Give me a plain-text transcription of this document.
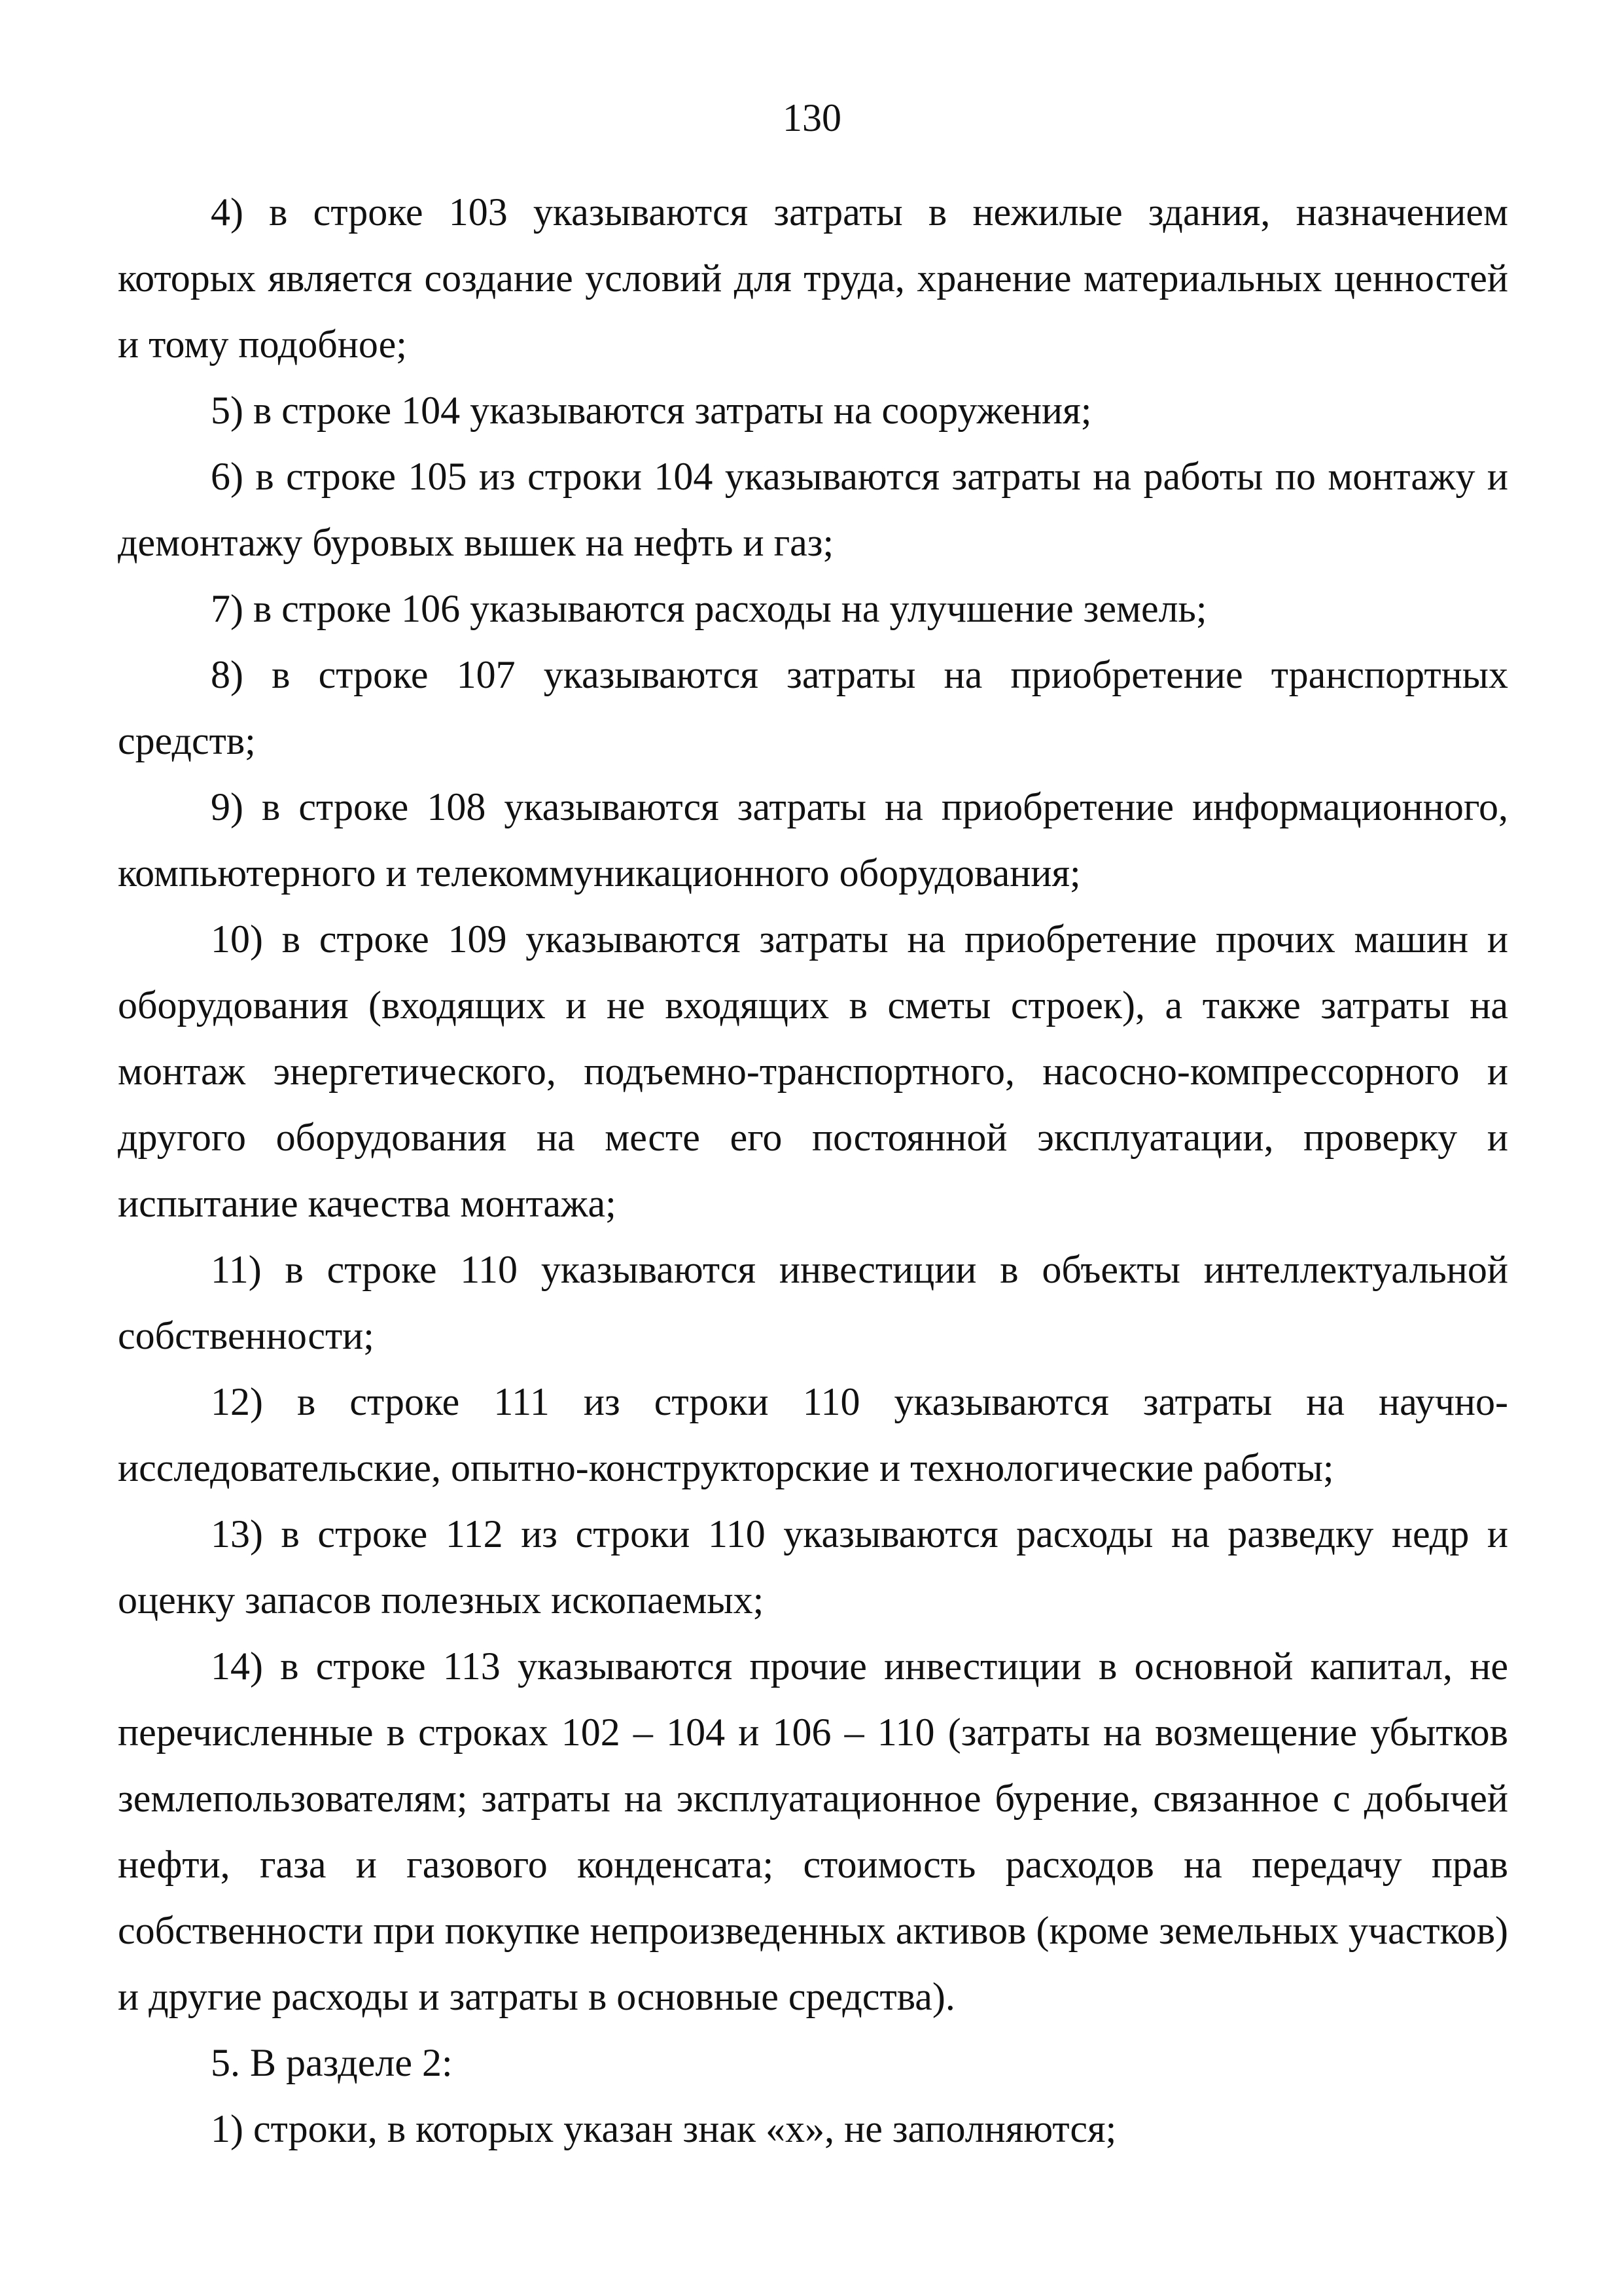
130

4) в строке 103 указываются затраты в нежилые здания, назначением которых является создание условий для труда, хранение материальных ценностей и тому подобное;

5) в строке 104 указываются затраты на сооружения;

6) в строке 105 из строки 104 указываются затраты на работы по монтажу и демонтажу буровых вышек на нефть и газ;

7) в строке 106 указываются расходы на улучшение земель;

8) в строке 107 указываются затраты на приобретение транспортных средств;

9) в строке 108 указываются затраты на приобретение информационного, компьютерного и телекоммуникационного оборудования;

10) в строке 109 указываются затраты на приобретение прочих машин и оборудования (входящих и не входящих в сметы строек), а также затраты на монтаж энергетического, подъемно-транспортного, насосно-компрессорного и другого оборудования на месте его постоянной эксплуатации, проверку и испытание качества монтажа;

11) в строке 110 указываются инвестиции в объекты интеллектуальной собственности;

12) в строке 111 из строки 110 указываются затраты на научно-исследовательские, опытно-конструкторские и технологические работы;

13) в строке 112 из строки 110 указываются расходы на разведку недр и оценку запасов полезных ископаемых;

14) в строке 113 указываются прочие инвестиции в основной капитал, не перечисленные в строках 102 – 104 и 106 – 110 (затраты на возмещение убытков землепользователям; затраты на эксплуатационное бурение, связанное с добычей нефти, газа и газового конденсата; стоимость расходов на передачу прав собственности при покупке непроизведенных активов (кроме земельных участков) и другие расходы и затраты в основные средства).

5. В разделе 2:

1) строки, в которых указан знак «х», не заполняются;
